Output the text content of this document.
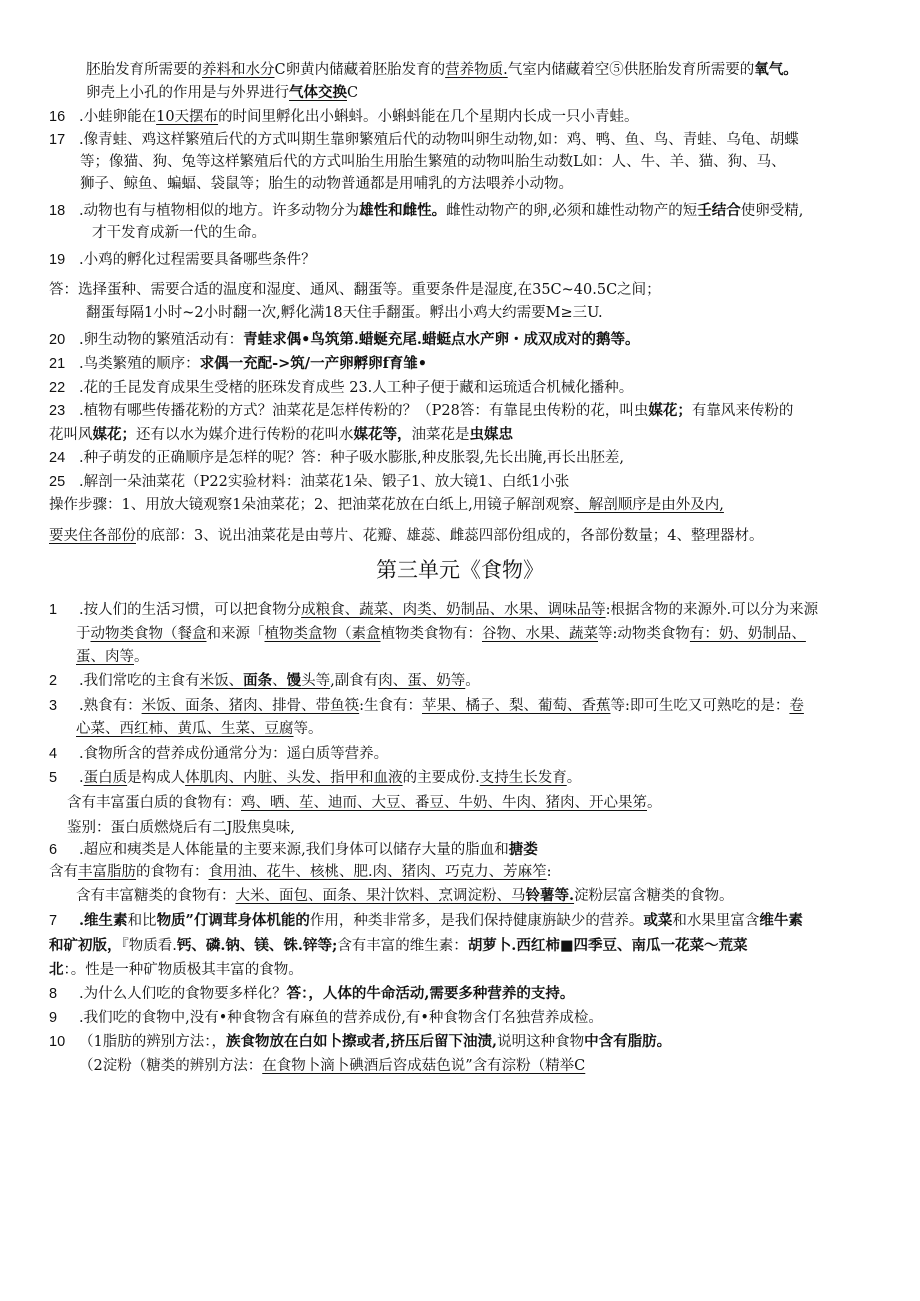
胚胎发育所需要的养料和水分C卵黄内储藏着胚胎发育的营养物质.气室内储藏着空⑤供胚胎发育所需要的氧气。
卵壳上小孔的作用是与外界进行气体交换C
16 .小蛙卵能在10天摆布的时间里孵化出小蝌蚪。小蝌蚪能在几个星期内长成一只小青蛙。
17 .像青蛙、鸡这样繁殖后代的方式叫期生靠卵繁殖后代的动物叫卵生动物,如：鸡、鸭、鱼、鸟、青蛙、乌龟、胡蝶
等；像猫、狗、兔等这样繁殖后代的方式叫胎生用胎生繁殖的动物叫胎生动数L如：人、牛、羊、猫、狗、马、
狮子、鲸鱼、蝙蝠、袋鼠等；胎生的动物普通都是用哺乳的方法喂养小动物。
18 .动物也有与植物相似的地方。许多动物分为雄性和雌性。雌性动物产的卵,必须和雄性动物产的短壬结合使卵受精,
才干发育成新一代的生命。
19 .小鸡的孵化过程需要具备哪些条件？
答：选择蛋种、需要合适的温度和湿度、通风、翻蛋等。重要条件是湿度,在35C~40.5C之间；
翻蛋每隔1小时~2小时翻一次,孵化满18天住手翻蛋。孵出小鸡大约需要M≥三U.
20 .卵生动物的繁殖活动有：青蛙求偶•鸟筑第.蜡蜒充尾.蜡蜓点水产卵・成双成对的鹅等。
21 .鸟类繁殖的顺序：求偶一充配->筑/一产卵孵卵f育雏•
22 .花的壬昆发育成果生受楮的胚珠发育成些 23.人工种子便于藏和运琉适合机械化播种。
23 .植物有哪些传播花粉的方式？油菜花是怎样传粉的？（P28答：有靠昆虫传粉的花，叫虫媒花；有靠风来传粉的
花叫风媒花；还有以水为媒介进行传粉的花叫水媒花等，油菜花是虫媒忠
24 .种子萌发的正确顺序是怎样的呢？答：种子吸水膨胀,种皮胀裂,先长出腌,再长出胚差,
25 .解剖一朵油菜花（P22实验材料：油菜花1朵、锻子1、放大镜1、白纸1小张
操作步骤：1、用放大镜观察1朵油菜花；2、把油菜花放在白纸上,用镜子解剖观察、解剖顺序是由外及内,
要夹住各部份的底部：3、说出油菜花是由萼片、花瓣、雄蕊、雌蕊四部份组成的，各部份数量；4、整理器材。
1 .按人们的生活习惯，可以把食物分成粮食、蔬菜、肉类、奶制品、水果、调味品等:根据含物的来源外.可以分为来源
于动物类食物（餐盒和来源「植物类盒物（素盒植物类食物有：谷物、水果、蔬菜等:动物类食物有：奶、奶制品、
蛋、肉等。
2 .我们常吃的主食有米饭、面条、馒头等,副食有肉、蛋、奶等。
3 .熟食有：米饭、面条、猪肉、排骨、带鱼筷:生食有：苹果、橘子、梨、葡萄、香蕉等:即可生吃又可熟吃的是：卷
心菜、西红柿、黄瓜、生菜、豆腐等。
4 .食物所含的营养成份通常分为：遥白质等营养。
5 .蛋白质是构成人体肌肉、内脏、头发、指甲和血液的主要成份.支持生长发育。
含有丰富蛋白质的食物有：鸡、晒、苼、迪而、大豆、番豆、牛奶、牛肉、猪肉、开心果笫。
鉴别：蛋白质燃烧后有二J股焦臭味,
6 .超应和痍类是人体能量的主要来源,我们身体可以储存大量的脂血和搪娄
含有丰富脂肪的食物有：食用油、花牛、核桃、肥.肉、猪肉、巧克力、芳麻笮:
含有丰富糖类的食物有：大米、面包、面条、果汁饮料、烹调淀粉、马铃薯等.淀粉层富含糖类的食物。
7 .维生素和比物质”仃调茸身体机能的作用，种类非常多，是我们保持健康旃缺少的营养。或菜和水果里富含维牛素
和矿初版，『物质看.钙、磷.钠、镁、铢.锌等;含有丰富的维生素：胡萝卜.西红柿■四季豆、南瓜一花菜～荒菜
北：。性是一种矿物质极其丰富的食物。
8 .为什么人们吃的食物要多样化？答：，人体的牛命活动,需要多种营养的支持。
9 .我们吃的食物中,没有•种食物含有麻鱼的营养成份,有•种食物含仃名独营养成检。
10 （1脂肪的辨别方法：，族食物放在白如卜擦或者,挤压后留下油渍,说明这种食物中含有脂肪。
（2淀粉（糖类的辨别方法：在食物卜滴卜碘酒后咨成菇色说”含有淙粉（精举C
第三单元《食物》
